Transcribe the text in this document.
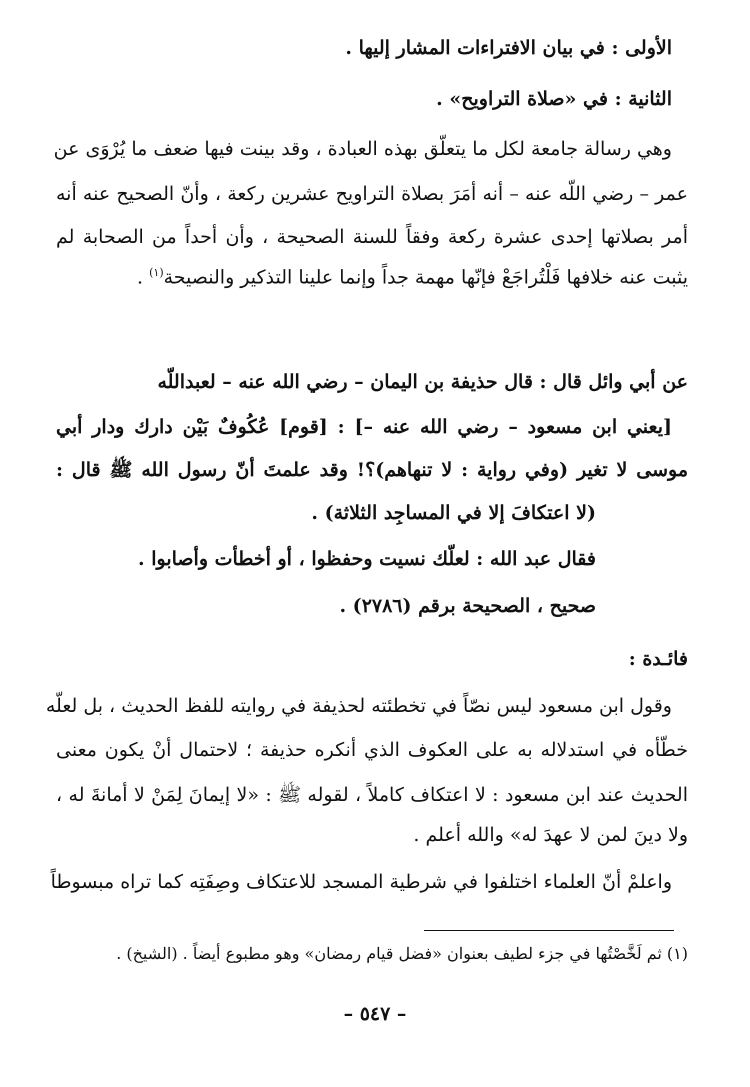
الأولى : في بيان الافتراءات المشار إليها .
الثانية : في «صلاة التراويح» .
وهي رسالة جامعة لكل ما يتعلّق بهذه العبادة ، وقد بينت فيها ضعف ما يُرْوَى عن
عمر – رضي اللّه عنه – أنه أمَرَ بصلاة التراويح عشرين ركعة ، وأنّ الصحيح عنه أنه
أمر بصلاتها إحدى عشرة ركعة وفقاً للسنة الصحيحة ، وأن أحداً من الصحابة لم
يثبت عنه خلافها فَلْتُراجَعْ فإنّها مهمة جداً وإنما علينا التذكير والنصيحة$^{(١)}$ .
عن أبي وائل قال : قال حذيفة بن اليمان – رضي الله عنه – لعبداللّه
[يعني ابن مسعود – رضي الله عنه –] : [قوم] عُكُوفٌ بَيْن دارك ودار أبي
موسى لا تغير (وفي رواية : لا تنهاهم)؟! وقد علمتَ أنّ رسول الله ﷺ قال :
(لا اعتكافَ إلا في المساجِد الثلاثة) .
فقال عبد الله : لعلّك نسيت وحفظوا ، أو أخطأت وأصابوا .
صحيح ، الصحيحة برقم (٢٧٨٦) .
فائـدة :
وقول ابن مسعود ليس نصّاً في تخطئته لحذيفة في روايته للفظ الحديث ، بل لعلّه
خطّأه في استدلاله به على العكوف الذي أنكره حذيفة ؛ لاحتمال أنْ يكون معنى
الحديث عند ابن مسعود : لا اعتكاف كاملاً ، لقوله ﷺ : «لا إيمانَ لِمَنْ لا أمانةَ له ،
ولا دينَ لمن لا عهدَ له» والله أعلم .
واعلمْ أنّ العلماء اختلفوا في شرطية المسجد للاعتكاف وصِفَتِه كما تراه مبسوطاً
(١) ثم لَخَّصْتُها في جزء لطيف بعنوان «فضل قيام رمضان» وهو مطبوع أيضاً . (الشيخ) .
– ٥٤٧ –
